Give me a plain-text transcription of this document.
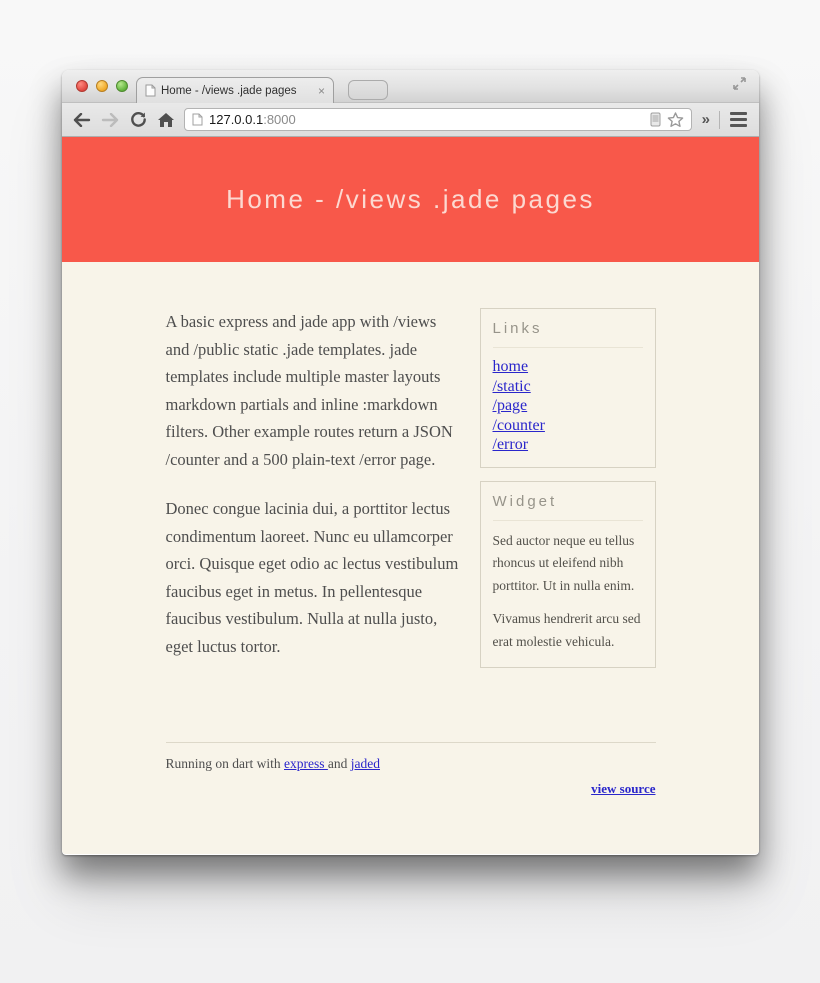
Home - /views .jade pages	×
127.0.0.1:8000	»
Home - /views .jade pages

A basic express and jade app with /views and /public static .jade templates. jade templates include multiple master layouts markdown partials and inline :markdown filters. Other example routes return a JSON /counter and a 500 plain-text /error page.

Donec congue lacinia dui, a porttitor lectus condimentum laoreet. Nunc eu ullamcorper orci. Quisque eget odio ac lectus vestibulum faucibus eget in metus. In pellentesque faucibus vestibulum. Nulla at nulla justo, eget luctus tortor.

Links
home
/static
/page
/counter
/error
Widget

Sed auctor neque eu tellus rhoncus ut eleifend nibh porttitor. Ut in nulla enim.

Vivamus hendrerit arcu sed erat molestie vehicula.

Running on dart with express and jaded
view source
